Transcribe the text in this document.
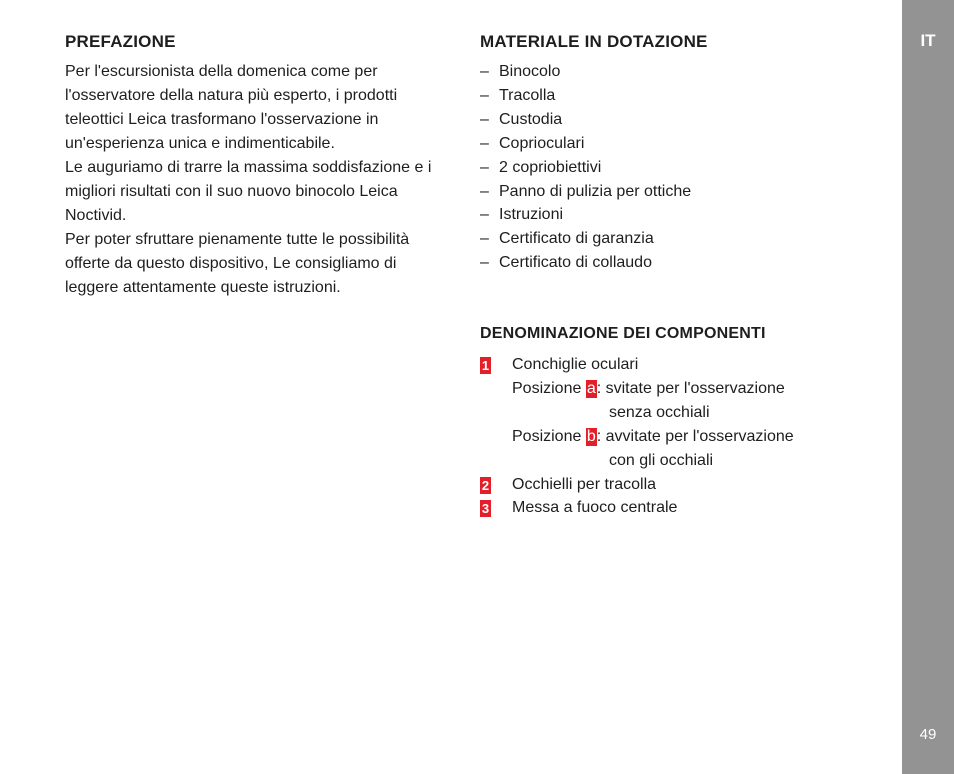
PREFAZIONE

Per l'escursionista della domenica come per

l'osservatore della natura più esperto, i prodotti

teleottici Leica trasformano l'osservazione in

un'esperienza unica e indimenticabile.

Le auguriamo di trarre la massima soddisfazione e i

migliori risultati con il suo nuovo binocolo Leica

Noctivid.

Per poter sfruttare pienamente tutte le possibilità

offerte da questo dispositivo, Le consigliamo di

leggere attentamente queste istruzioni.

MATERIALE IN DOTAZIONE
– Binocolo
– Tracolla
– Custodia
– Coprioculari
– 2 copriobiettivi
– Panno di pulizia per ottiche
– Istruzioni
– Certificato di garanzia
– Certificato di collaudo
DENOMINAZIONE DEI COMPONENTI
1 Conchiglie oculari
Posizione a: svitate per l'osservazione
senza occhiali
Posizione b: avvitate per l'osservazione
con gli occhiali
2 Occhielli per tracolla
3 Messa a fuoco centrale
IT
49
